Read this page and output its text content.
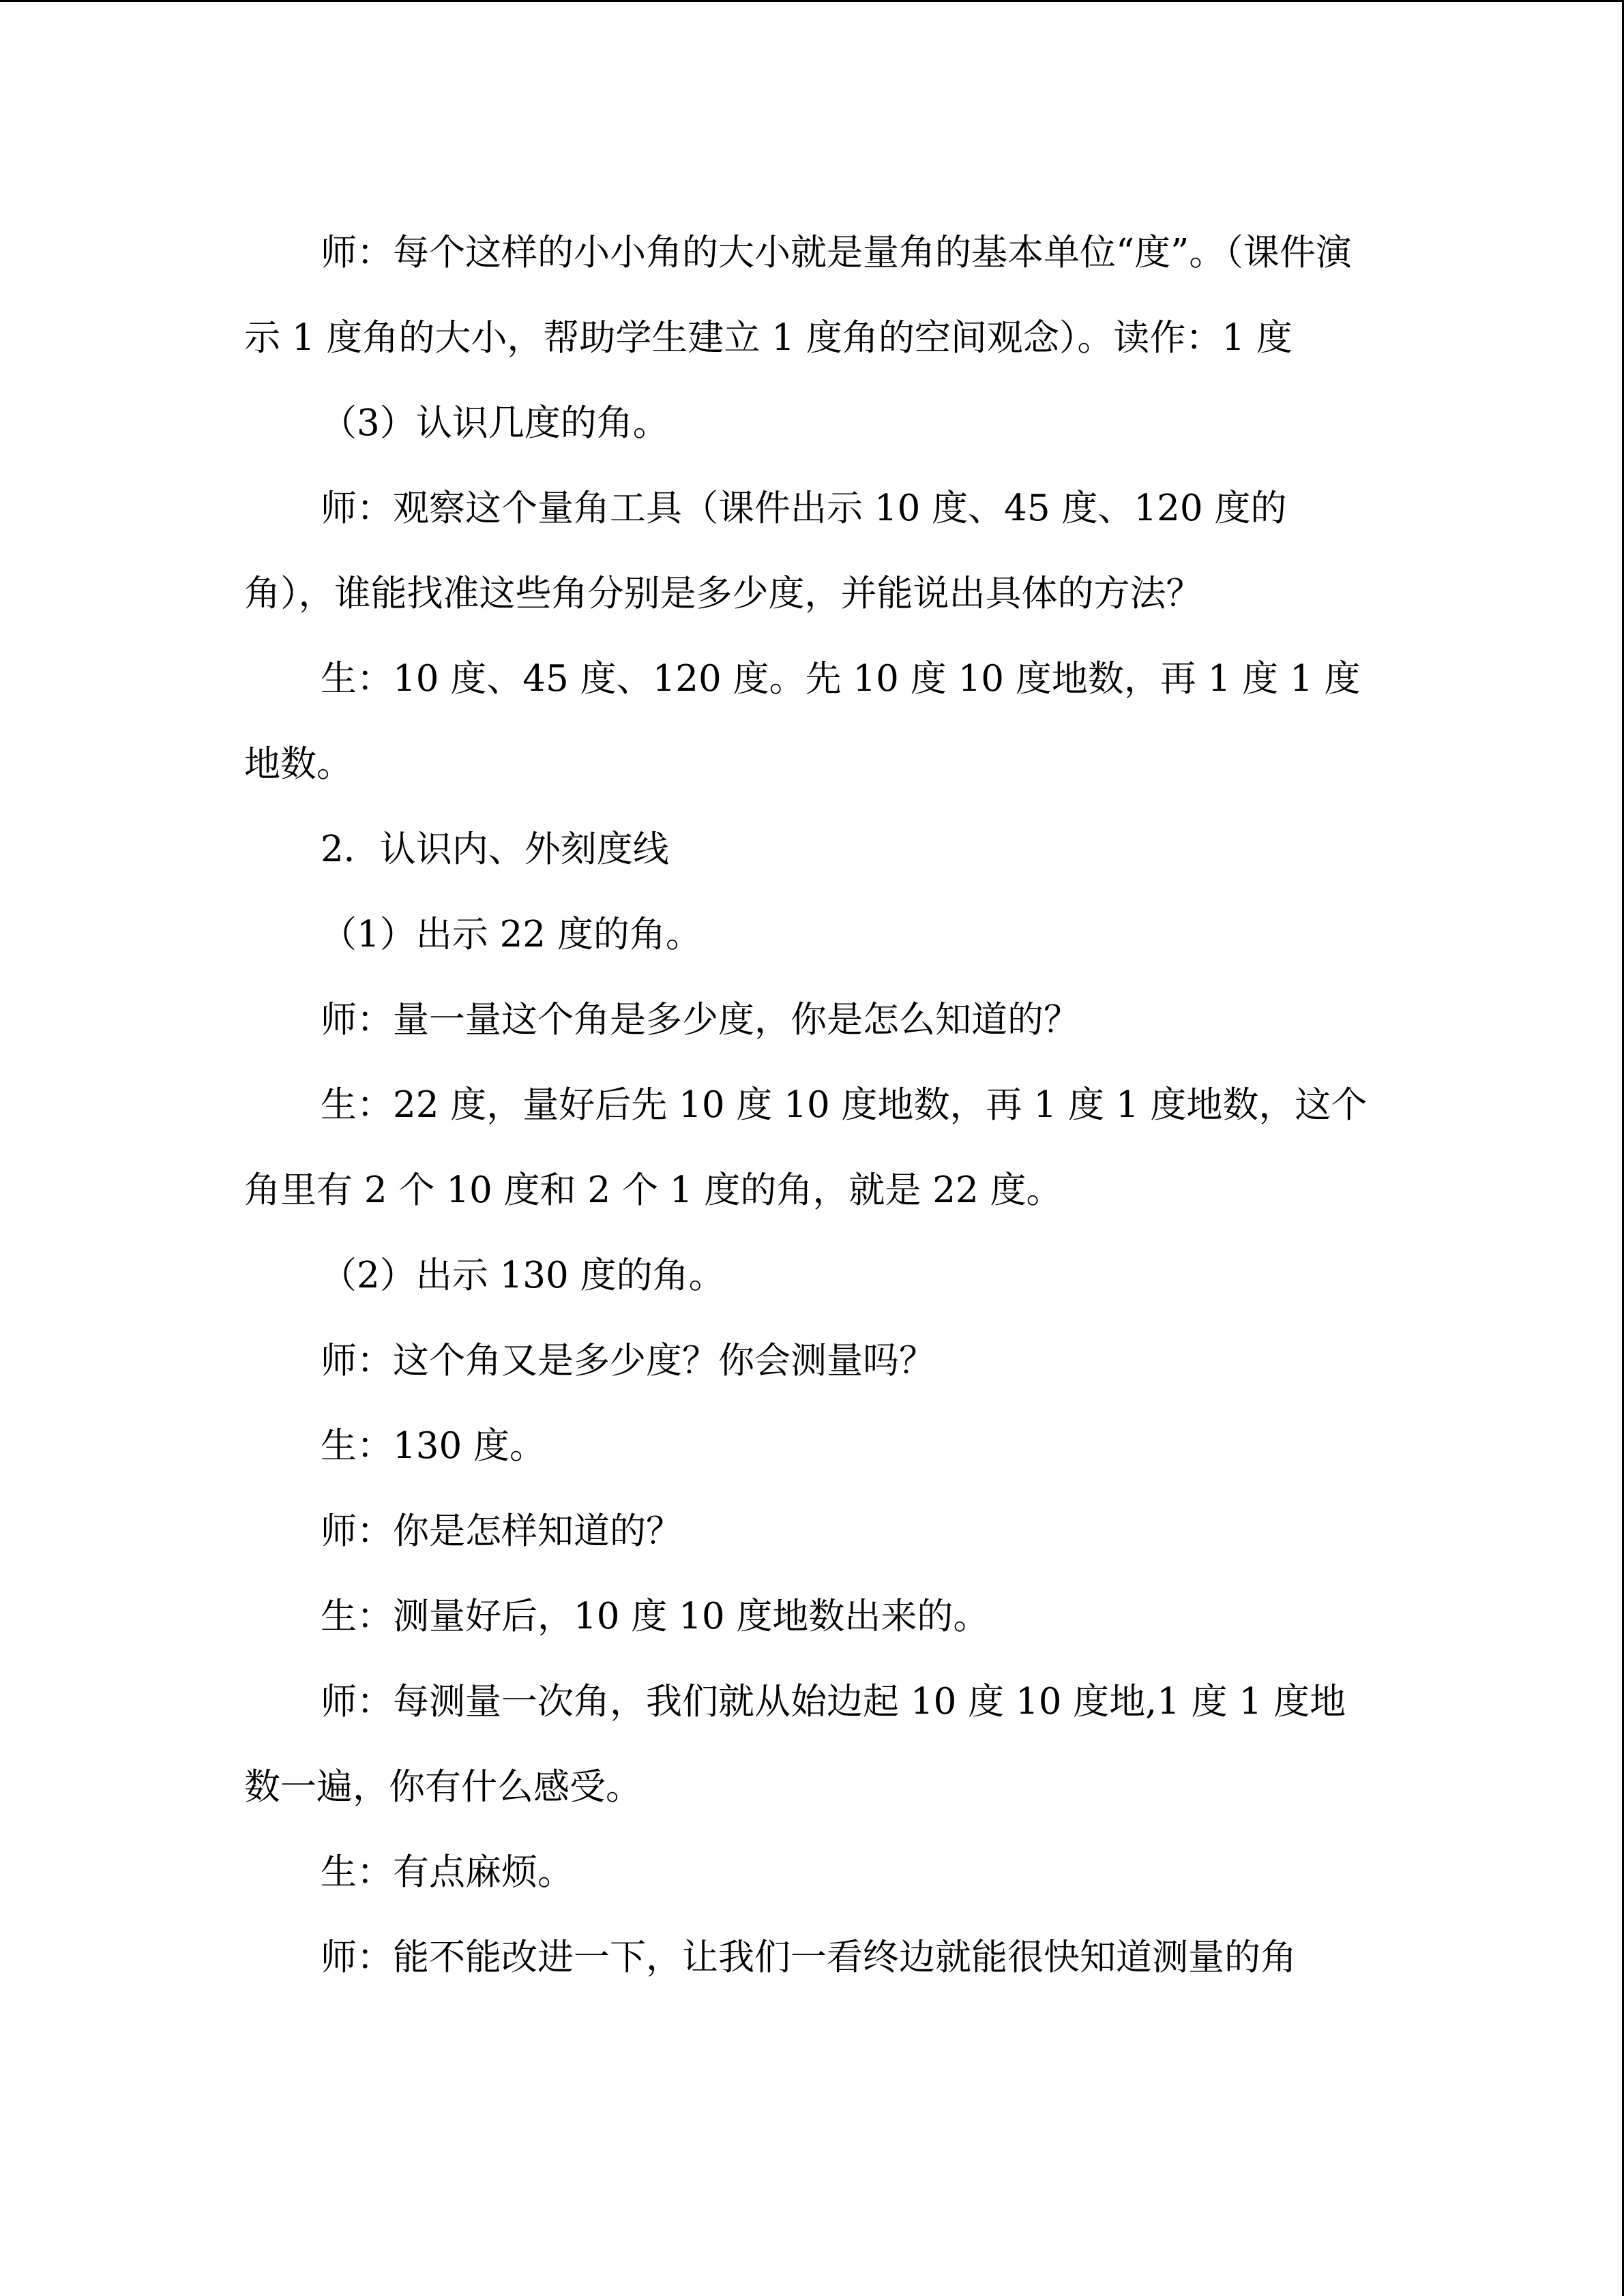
师：每个这样的小小角的大小就是量角的基本单位“度”。（课件演示 1 度角的大小，帮助学生建立 1 度角的空间观念）。读作：1 度

（3）认识几度的角。

师：观察这个量角工具（课件出示 10 度、45 度、120 度的角），谁能找准这些角分别是多少度，并能说出具体的方法？

生：10 度、45 度、120 度。先 10 度 10 度地数，再 1 度 1 度地数。

2．认识内、外刻度线

（1）出示 22 度的角。

师：量一量这个角是多少度，你是怎么知道的？

生：22 度，量好后先 10 度 10 度地数，再 1 度 1 度地数，这个角里有 2 个 10 度和 2 个 1 度的角，就是 22 度。

（2）出示 130 度的角。

师：这个角又是多少度？你会测量吗？

生：130 度。

师：你是怎样知道的？

生：测量好后，10 度 10 度地数出来的。

师：每测量一次角，我们就从始边起 10 度 10 度地,1 度 1 度地数一遍，你有什么感受。

生：有点麻烦。

师：能不能改进一下，让我们一看终边就能很快知道测量的角
